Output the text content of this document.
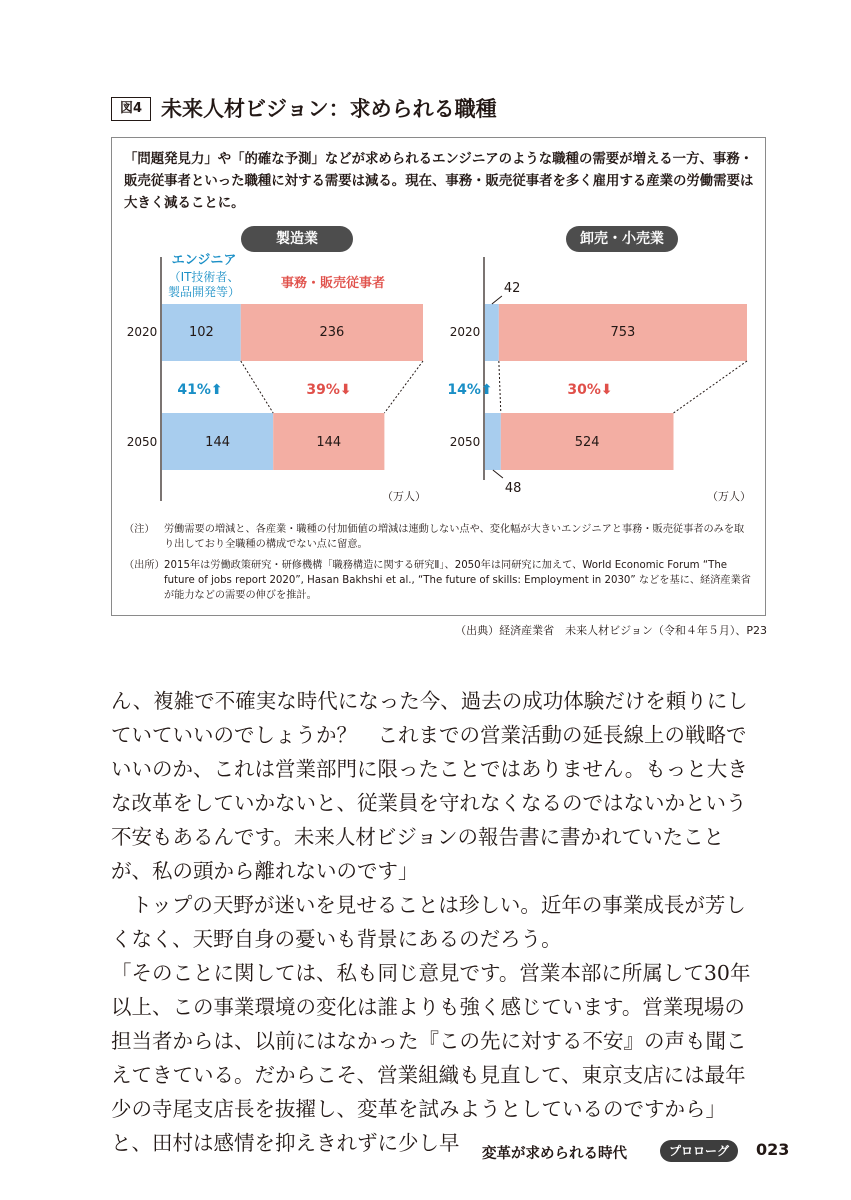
図4 未来人材ビジョン：求められる職種
「問題発見力」や「的確な予測」などが求められるエンジニアのような職種の需要が増える一方、事務・販売従事者といった職種に対する需要は減る。現在、事務・販売従事者を多く雇用する産業の労働需要は大きく減ることに。
製造業	卸売・小売業
2020 102	236
2050	144	144
41%⬆	39%⬇
（万人）
エンジニア
（IT技術者、
製品開発等）
事務・販売従事者
2020
42
753
2050
48
524
14%⬆	30%⬇
（万人）
（注） 労働需要の増減と、各産業・職種の付加価値の増減は連動しない点や、変化幅が大きいエンジニアと事務・販売従事者のみを取り出しており全職種の構成でない点に留意。
（出所） 2015年は労働政策研究・研修機構「職務構造に関する研究Ⅱ」、2050年は同研究に加えて、World Economic Forum “The future of jobs report 2020”, Hasan Bakhshi et al., “The future of skills: Employment in 2030” などを基に、経済産業省が能力などの需要の伸びを推計。
（出典）経済産業省　未来人材ビジョン（令和４年５月）、P23

ん、複雑で不確実な時代になった今、過去の成功体験だけを頼りにしていていいのでしょうか？　これまでの営業活動の延長線上の戦略でいいのか、これは営業部門に限ったことではありません。もっと大きな改革をしていかないと、従業員を守れなくなるのではないかという不安もあるんです。未来人材ビジョンの報告書に書かれていたことが、私の頭から離れないのです」

　トップの天野が迷いを見せることは珍しい。近年の事業成長が芳しくなく、天野自身の憂いも背景にあるのだろう。

「そのことに関しては、私も同じ意見です。営業本部に所属して30年以上、この事業環境の変化は誰よりも強く感じています。営業現場の担当者からは、以前にはなかった『この先に対する不安』の声も聞こえてきている。だからこそ、営業組織も見直して、東京支店には最年少の寺尾支店長を抜擢し、変革を試みようとしているのですから」と、田村は感情を抑えきれずに少し早	変革が求められる時代	プロローグ	023
